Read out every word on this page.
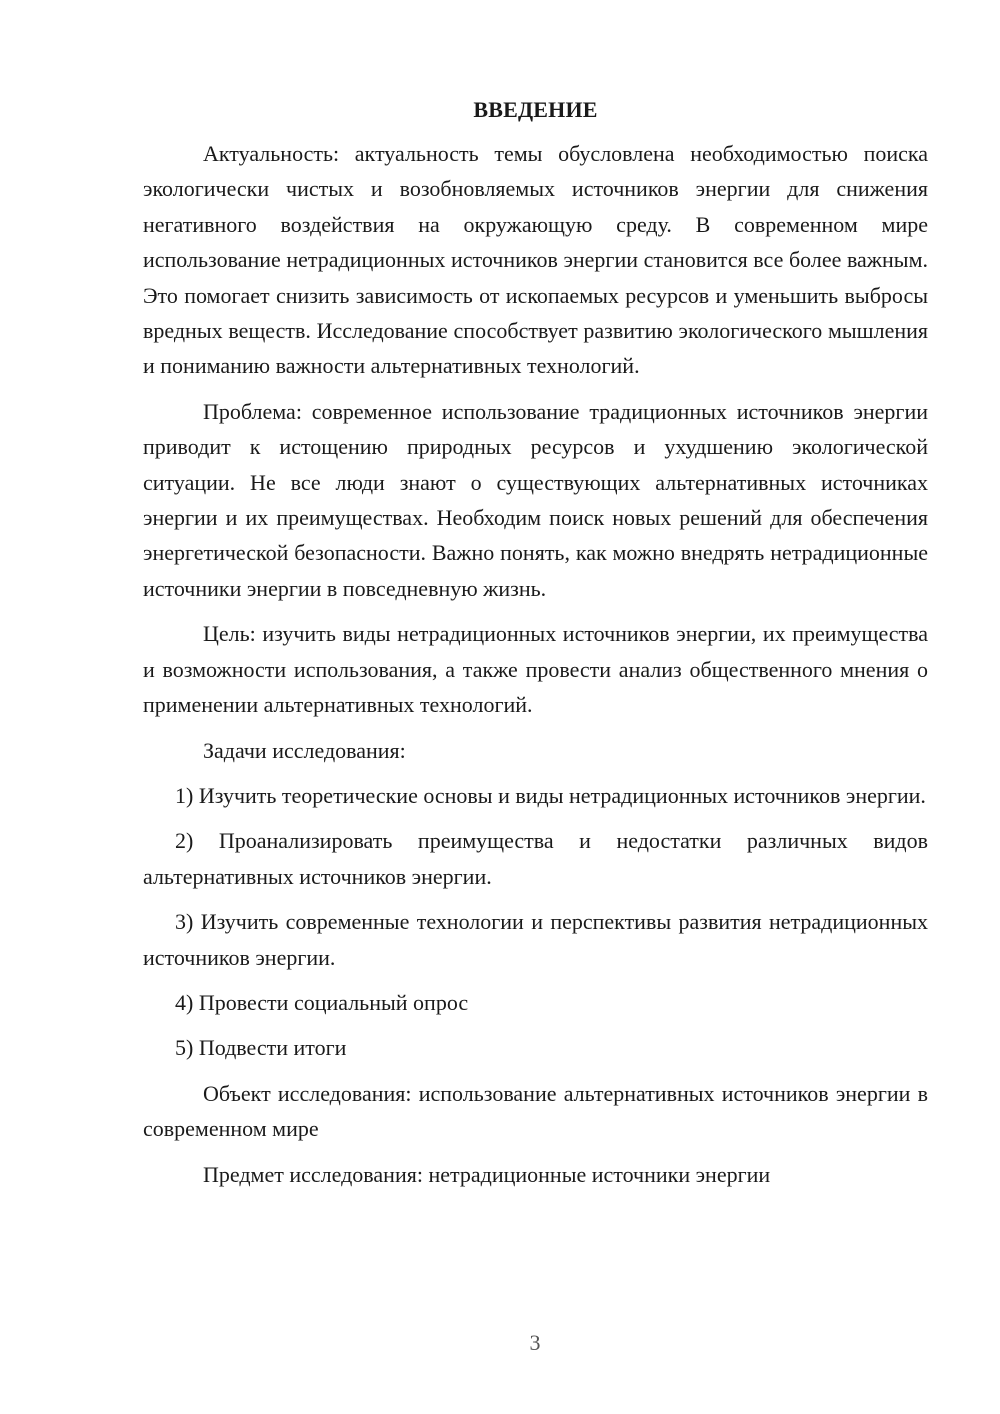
ВВЕДЕНИЕ

Актуальность: актуальность темы обусловлена необходимостью поиска экологически чистых и возобновляемых источников энергии для снижения негативного воздействия на окружающую среду. В современном мире использование нетрадиционных источников энергии становится все более важным. Это помогает снизить зависимость от ископаемых ресурсов и уменьшить выбросы вредных веществ. Исследование способствует развитию экологического мышления и пониманию важности альтернативных технологий.

Проблема: современное использование традиционных источников энергии приводит к истощению природных ресурсов и ухудшению экологической ситуации. Не все люди знают о существующих альтернативных источниках энергии и их преимуществах. Необходим поиск новых решений для обеспечения энергетической безопасности. Важно понять, как можно внедрять нетрадиционные источники энергии в повседневную жизнь.

Цель: изучить виды нетрадиционных источников энергии, их преимущества и возможности использования, а также провести анализ общественного мнения о применении альтернативных технологий.

Задачи исследования:

1) Изучить теоретические основы и виды нетрадиционных источников энергии.

2) Проанализировать преимущества и недостатки различных видов альтернативных источников энергии.

3) Изучить современные технологии и перспективы развития нетрадиционных источников энергии.

4) Провести социальный опрос

5) Подвести итоги

Объект исследования: использование альтернативных источников энергии в современном мире

Предмет исследования: нетрадиционные источники энергии

3
